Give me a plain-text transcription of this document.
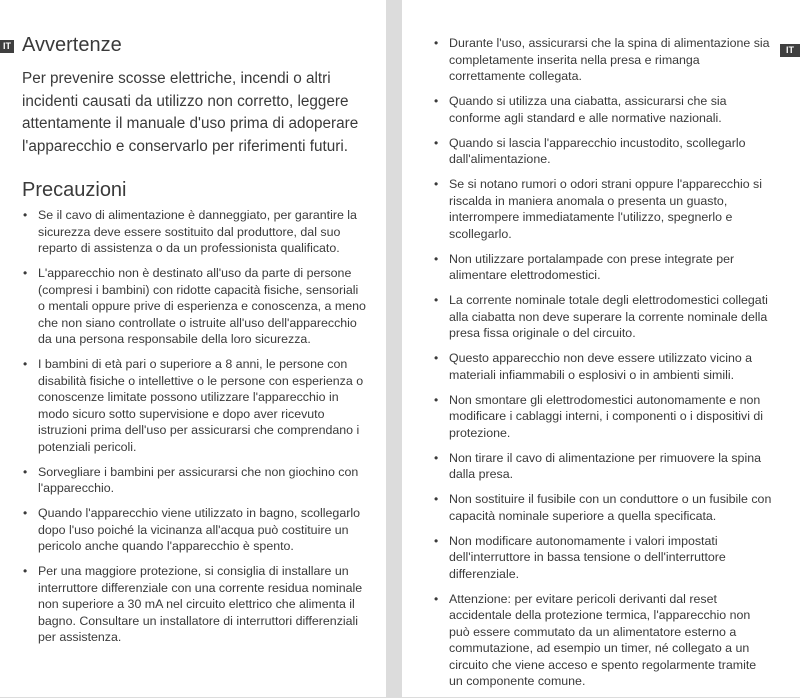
IT Avvertenze
Per prevenire scosse elettriche, incendi o altri incidenti causati da utilizzo non corretto, leggere attentamente il manuale d'uso prima di adoperare l'apparecchio e conservarlo per riferimenti futuri.
Precauzioni
• Se il cavo di alimentazione è danneggiato, per garantire la sicurezza deve essere sostituito dal produttore, dal suo reparto di assistenza o da un professionista qualificato.
• L'apparecchio non è destinato all'uso da parte di persone (compresi i bambini) con ridotte capacità fisiche, sensoriali o mentali oppure prive di esperienza e conoscenza, a meno che non siano controllate o istruite all'uso dell'apparecchio da una persona responsabile della loro sicurezza.
• I bambini di età pari o superiore a 8 anni, le persone con disabilità fisiche o intellettive o le persone con esperienza o conoscenze limitate possono utilizzare l'apparecchio in modo sicuro sotto supervisione e dopo aver ricevuto istruzioni prima dell'uso per assicurarsi che comprendano i potenziali pericoli.
• Sorvegliare i bambini per assicurarsi che non giochino con l'apparecchio.
• Quando l'apparecchio viene utilizzato in bagno, scollegarlo dopo l'uso poiché la vicinanza all'acqua può costituire un pericolo anche quando l'apparecchio è spento.
• Per una maggiore protezione, si consiglia di installare un interruttore differenziale con una corrente residua nominale non superiore a 30 mA nel circuito elettrico che alimenta il bagno. Consultare un installatore di interruttori differenziali per assistenza.
IT
• Durante l'uso, assicurarsi che la spina di alimentazione sia completamente inserita nella presa e rimanga correttamente collegata.
• Quando si utilizza una ciabatta, assicurarsi che sia conforme agli standard e alle normative nazionali.
• Quando si lascia l'apparecchio incustodito, scollegarlo dall'alimentazione.
• Se si notano rumori o odori strani oppure l'apparecchio si riscalda in maniera anomala o presenta un guasto, interrompere immediatamente l'utilizzo, spegnerlo e scollegarlo.
• Non utilizzare portalampade con prese integrate per alimentare elettrodomestici.
• La corrente nominale totale degli elettrodomestici collegati alla ciabatta non deve superare la corrente nominale della presa fissa originale o del circuito.
• Questo apparecchio non deve essere utilizzato vicino a materiali infiammabili o esplosivi o in ambienti simili.
• Non smontare gli elettrodomestici autonomamente e non modificare i cablaggi interni, i componenti o i dispositivi di protezione.
• Non tirare il cavo di alimentazione per rimuovere la spina dalla presa.
• Non sostituire il fusibile con un conduttore o un fusibile con capacità nominale superiore a quella specificata.
• Non modificare autonomamente i valori impostati dell'interruttore in bassa tensione o dell'interruttore differenziale.
• Attenzione: per evitare pericoli derivanti dal reset accidentale della protezione termica, l'apparecchio non può essere commutato da un alimentatore esterno a commutazione, ad esempio un timer, né collegato a un circuito che viene acceso e spento regolarmente tramite un componente comune.
